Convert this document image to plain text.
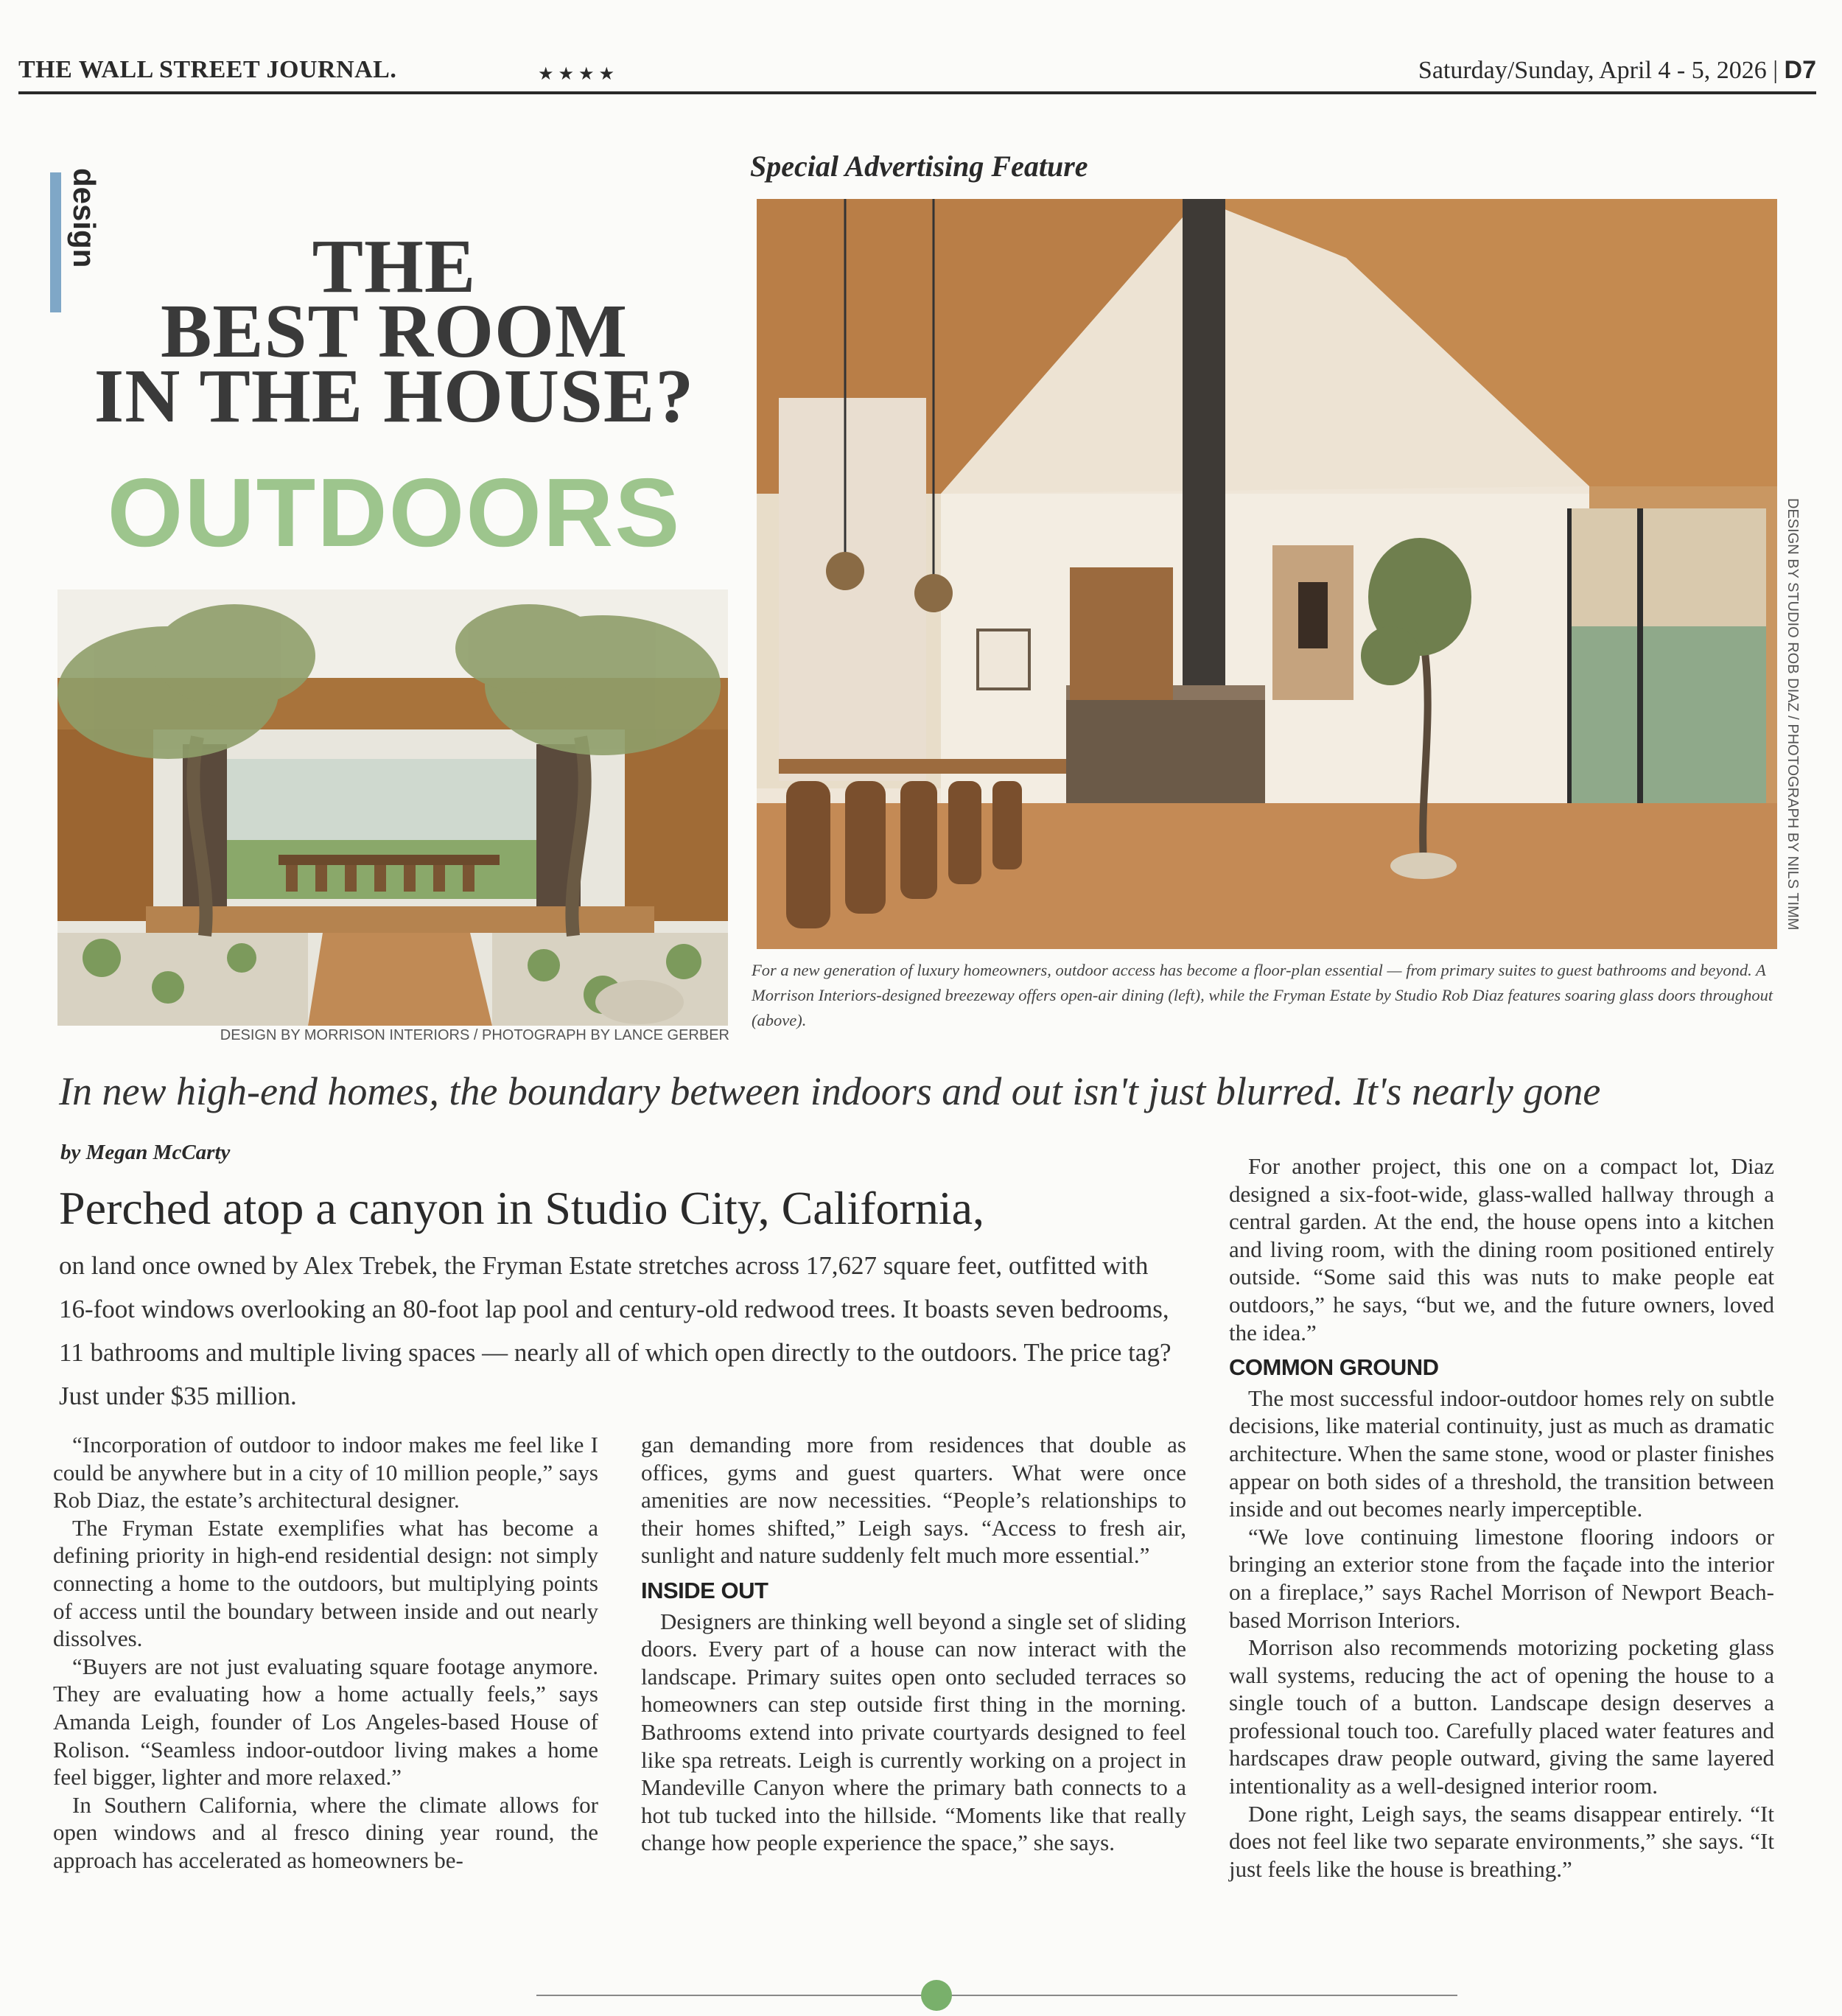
THE WALL STREET JOURNAL.	★★★★	Saturday/Sunday, April 4 - 5, 2026 | D7
design	THE
BEST ROOM
IN THE HOUSE?
OUTDOORS
Special Advertising Feature
DESIGN BY MORRISON INTERIORS / PHOTOGRAPH BY LANCE GERBER
DESIGN BY STUDIO ROB DIAZ / PHOTOGRAPH BY NILS TIMM
For a new generation of luxury homeowners, outdoor access has become a floor-plan essential — from primary suites to guest bathrooms and beyond. A Morrison Interiors-designed breezeway offers open-air dining (left), while the Fryman Estate by Studio Rob Diaz features soaring glass doors throughout (above).
In new high-end homes, the boundary between indoors and out isn't just blurred. It's nearly gone
by Megan McCarty
Perched atop a canyon in Studio City, California,
on land once owned by Alex Trebek, the Fryman Estate stretches across 17,627 square feet, outfitted with 16-foot windows overlooking an 80-foot lap pool and century-old redwood trees. It boasts seven bedrooms, 11 bathrooms and multiple living spaces — nearly all of which open directly to the outdoors. The price tag? Just under $35 million.

“Incorporation of outdoor to indoor makes me feel like I could be anywhere but in a city of 10 million people,” says Rob Diaz, the estate’s architectural designer.

The Fryman Estate exemplifies what has become a defining priority in high-end residential design: not simply connecting a home to the outdoors, but multiplying points of access until the boundary between inside and out nearly dissolves.

“Buyers are not just evaluating square footage anymore. They are evaluating how a home actually feels,” says Amanda Leigh, founder of Los Angeles-based House of Rolison. “Seamless indoor-outdoor living makes a home feel bigger, lighter and more relaxed.”

In Southern California, where the climate allows for open windows and al fresco dining year round, the approach has accelerated as homeowners be-

gan demanding more from residences that double as offices, gyms and guest quarters. What were once amenities are now necessities. “People’s relationships to their homes shifted,” Leigh says. “Access to fresh air, sunlight and nature suddenly felt much more essential.”

INSIDE OUT

Designers are thinking well beyond a single set of sliding doors. Every part of a house can now interact with the landscape. Primary suites open onto secluded terraces so homeowners can step outside first thing in the morning. Bathrooms extend into private courtyards designed to feel like spa retreats. Leigh is currently working on a project in Mandeville Canyon where the primary bath connects to a hot tub tucked into the hillside. “Moments like that really change how people experience the space,” she says.

For another project, this one on a compact lot, Diaz designed a six-foot-wide, glass-walled hallway through a central garden. At the end, the house opens into a kitchen and living room, with the dining room positioned entirely outside. “Some said this was nuts to make people eat outdoors,” he says, “but we, and the future owners, loved the idea.”

COMMON GROUND

The most successful indoor-outdoor homes rely on subtle decisions, like material continuity, just as much as dramatic architecture. When the same stone, wood or plaster finishes appear on both sides of a threshold, the transition between inside and out becomes nearly imperceptible.

“We love continuing limestone flooring indoors or bringing an exterior stone from the façade into the interior on a fireplace,” says Rachel Morrison of Newport Beach-based Morrison Interiors.

Morrison also recommends motorizing pocketing glass wall systems, reducing the act of opening the house to a single touch of a button. Landscape design deserves a professional touch too. Carefully placed water features and hardscapes draw people outward, giving the same layered intentionality as a well-designed interior room.

Done right, Leigh says, the seams disappear entirely. “It does not feel like two separate environments,” she says. “It just feels like the house is breathing.”
